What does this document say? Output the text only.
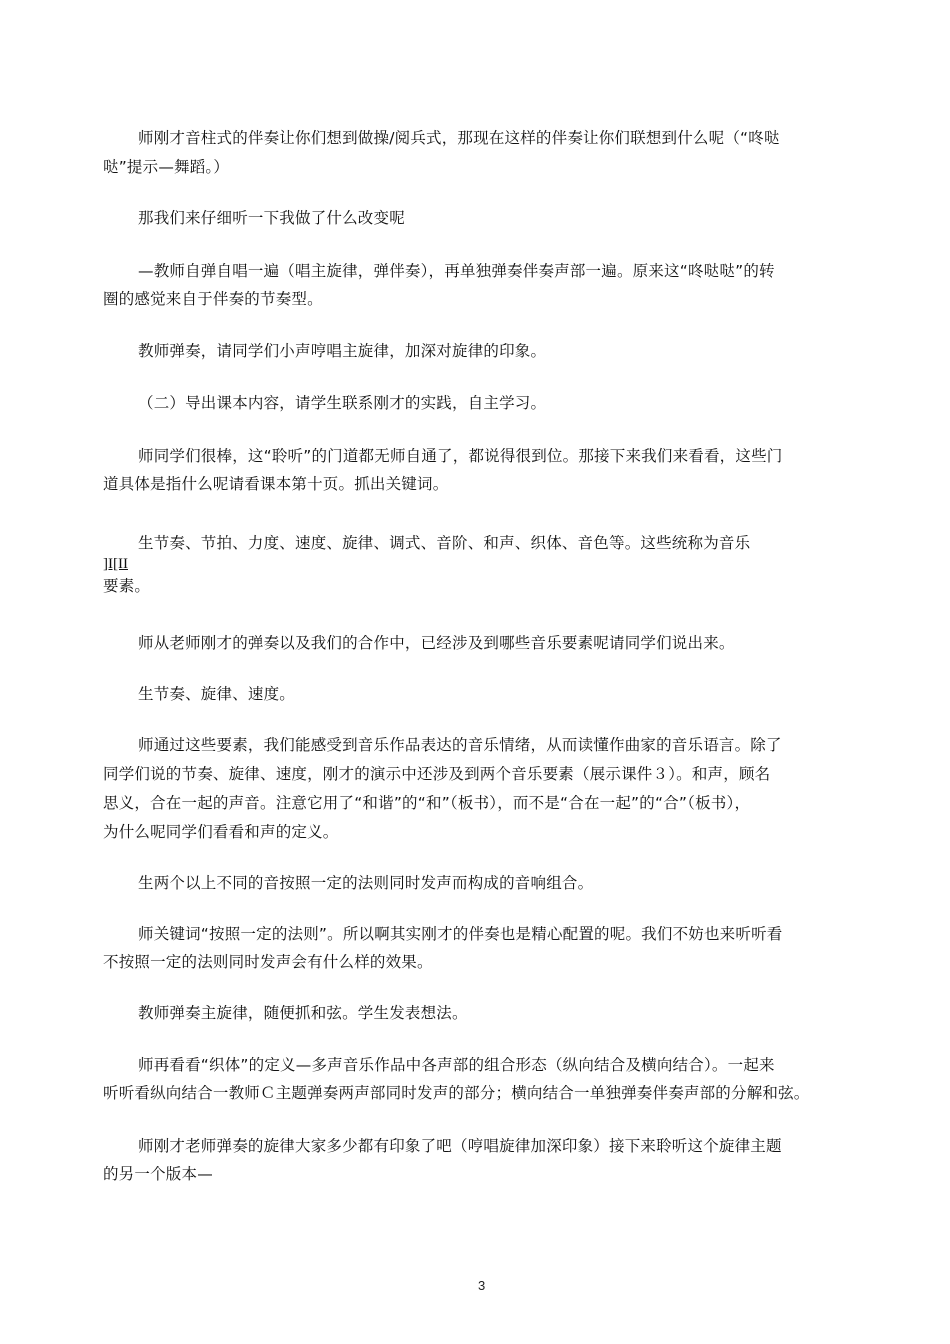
师刚才音柱式的伴奏让你们想到做操/阅兵式，那现在这样的伴奏让你们联想到什么呢（“咚哒
哒”提示—舞蹈。）
那我们来仔细听一下我做了什么改变呢
—教师自弹自唱一遍（唱主旋律，弹伴奏），再单独弹奏伴奏声部一遍。原来这“咚哒哒”的转
圈的感觉来自于伴奏的节奏型。
教师弹奏，请同学们小声哼唱主旋律，加深对旋律的印象。
（二）导出课本内容，请学生联系刚才的实践，自主学习。
师同学们很棒，这“聆听”的门道都无师自通了，都说得很到位。那接下来我们来看看，这些门
道具体是指什么呢请看课本第十页。抓出关键词。
生节奏、节拍、力度、速度、旋律、调式、音阶、和声、织体、音色等。这些统称为音乐
]I[II
要素。
师从老师刚才的弹奏以及我们的合作中，已经涉及到哪些音乐要素呢请同学们说出来。
生节奏、旋律、速度。
师通过这些要素，我们能感受到音乐作品表达的音乐情绪，从而读懂作曲家的音乐语言。除了
同学们说的节奏、旋律、速度，刚才的演示中还涉及到两个音乐要素（展示课件３）。和声，顾名
思义，合在一起的声音。注意它用了“和谐”的“和”（板书），而不是“合在一起”的“合”（板书），
为什么呢同学们看看和声的定义。
生两个以上不同的音按照一定的法则同时发声而构成的音响组合。
师关键词“按照一定的法则”。所以啊其实刚才的伴奏也是精心配置的呢。我们不妨也来听听看
不按照一定的法则同时发声会有什么样的效果。
教师弹奏主旋律，随便抓和弦。学生发表想法。
师再看看“织体”的定义—多声音乐作品中各声部的组合形态（纵向结合及横向结合）。一起来
听听看纵向结合一教师Ｃ主题弹奏两声部同时发声的部分；横向结合一单独弹奏伴奏声部的分解和弦。
师刚才老师弹奏的旋律大家多少都有印象了吧（哼唱旋律加深印象）接下来聆听这个旋律主题
的另一个版本—
3
